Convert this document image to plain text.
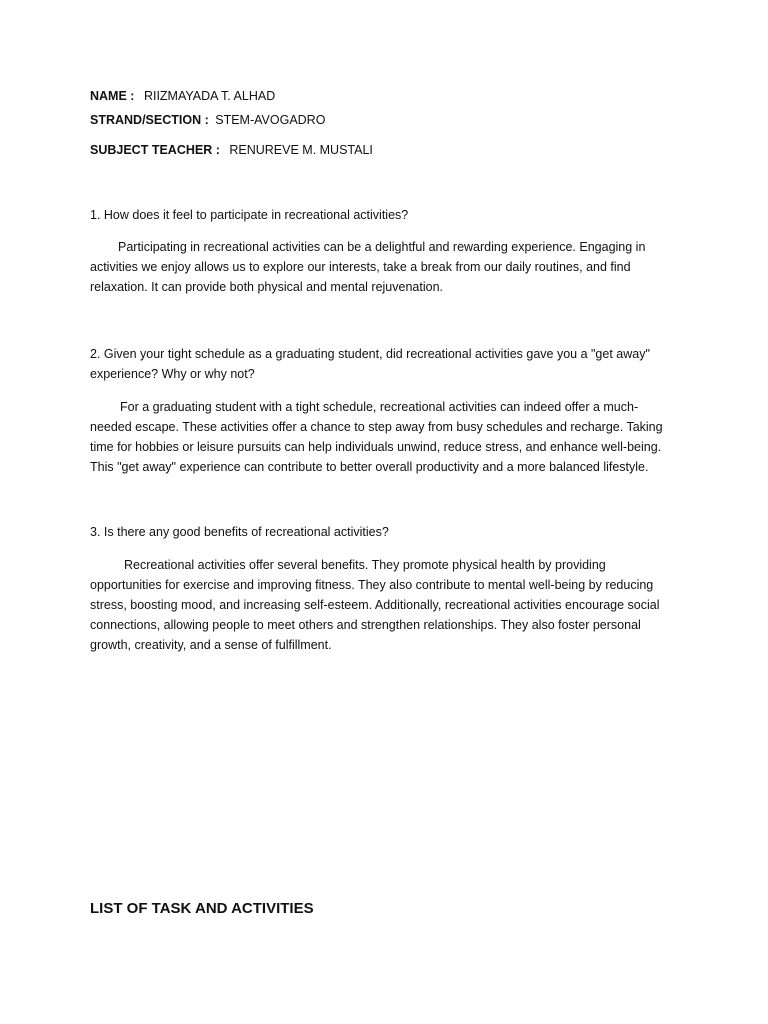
NAME : RIIZMAYADA T. ALHAD
STRAND/SECTION : STEM-AVOGADRO
SUBJECT TEACHER : RENUREVE M. MUSTALI

1. How does it feel to participate in recreational activities?

Participating in recreational activities can be a delightful and rewarding experience. Engaging in activities we enjoy allows us to explore our interests, take a break from our daily routines, and find relaxation. It can provide both physical and mental rejuvenation.

2. Given your tight schedule as a graduating student, did recreational activities gave you a "get away" experience? Why or why not?

For a graduating student with a tight schedule, recreational activities can indeed offer a much-needed escape. These activities offer a chance to step away from busy schedules and recharge. Taking time for hobbies or leisure pursuits can help individuals unwind, reduce stress, and enhance well-being. This "get away" experience can contribute to better overall productivity and a more balanced lifestyle.

3. Is there any good benefits of recreational activities?

Recreational activities offer several benefits. They promote physical health by providing opportunities for exercise and improving fitness. They also contribute to mental well-being by reducing stress, boosting mood, and increasing self-esteem. Additionally, recreational activities encourage social connections, allowing people to meet others and strengthen relationships. They also foster personal growth, creativity, and a sense of fulfillment.

LIST OF TASK AND ACTIVITIES
